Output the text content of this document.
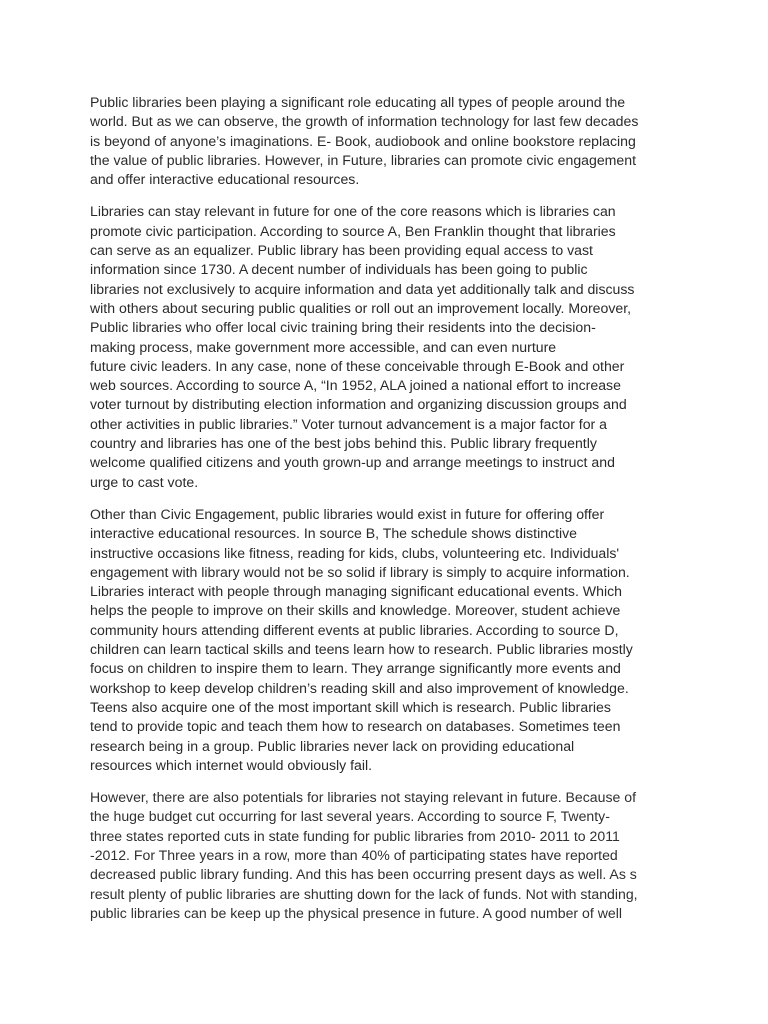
Public libraries been playing a significant role educating all types of people around the
world. But as we can observe, the growth of information technology for last few decades
is beyond of anyone’s imaginations. E- Book, audiobook and online bookstore replacing
the value of public libraries. However, in Future, libraries can promote civic engagement
and offer interactive educational resources.
Libraries can stay relevant in future for one of the core reasons which is libraries can
promote civic participation. According to source A, Ben Franklin thought that libraries
can serve as an equalizer. Public library has been providing equal access to vast
information since 1730. A decent number of individuals has been going to public
libraries not exclusively to acquire information and data yet additionally talk and discuss
with others about securing public qualities or roll out an improvement locally. Moreover,
Public libraries who offer local civic training bring their residents into the decision-
making process, make government more accessible, and can even nurture
future civic leaders. In any case, none of these conceivable through E-Book and other
web sources. According to source A, “In 1952, ALA joined a national effort to increase
voter turnout by distributing election information and organizing discussion groups and
other activities in public libraries.” Voter turnout advancement is a major factor for a
country and libraries has one of the best jobs behind this. Public library frequently
welcome qualified citizens and youth grown-up and arrange meetings to instruct and
urge to cast vote.
Other than Civic Engagement, public libraries would exist in future for offering offer
interactive educational resources. In source B, The schedule shows distinctive
instructive occasions like fitness, reading for kids, clubs, volunteering etc. Individuals'
engagement with library would not be so solid if library is simply to acquire information.
Libraries interact with people through managing significant educational events. Which
helps the people to improve on their skills and knowledge. Moreover, student achieve
community hours attending different events at public libraries. According to source D,
children can learn tactical skills and teens learn how to research. Public libraries mostly
focus on children to inspire them to learn. They arrange significantly more events and
workshop to keep develop children’s reading skill and also improvement of knowledge.
Teens also acquire one of the most important skill which is research. Public libraries
tend to provide topic and teach them how to research on databases. Sometimes teen
research being in a group. Public libraries never lack on providing educational
resources which internet would obviously fail.
However, there are also potentials for libraries not staying relevant in future. Because of
the huge budget cut occurring for last several years. According to source F, Twenty-
three states reported cuts in state funding for public libraries from 2010- 2011 to 2011
-2012. For Three years in a row, more than 40% of participating states have reported
decreased public library funding. And this has been occurring present days as well. As s
result plenty of public libraries are shutting down for the lack of funds. Not with standing,
public libraries can be keep up the physical presence in future. A good number of well
